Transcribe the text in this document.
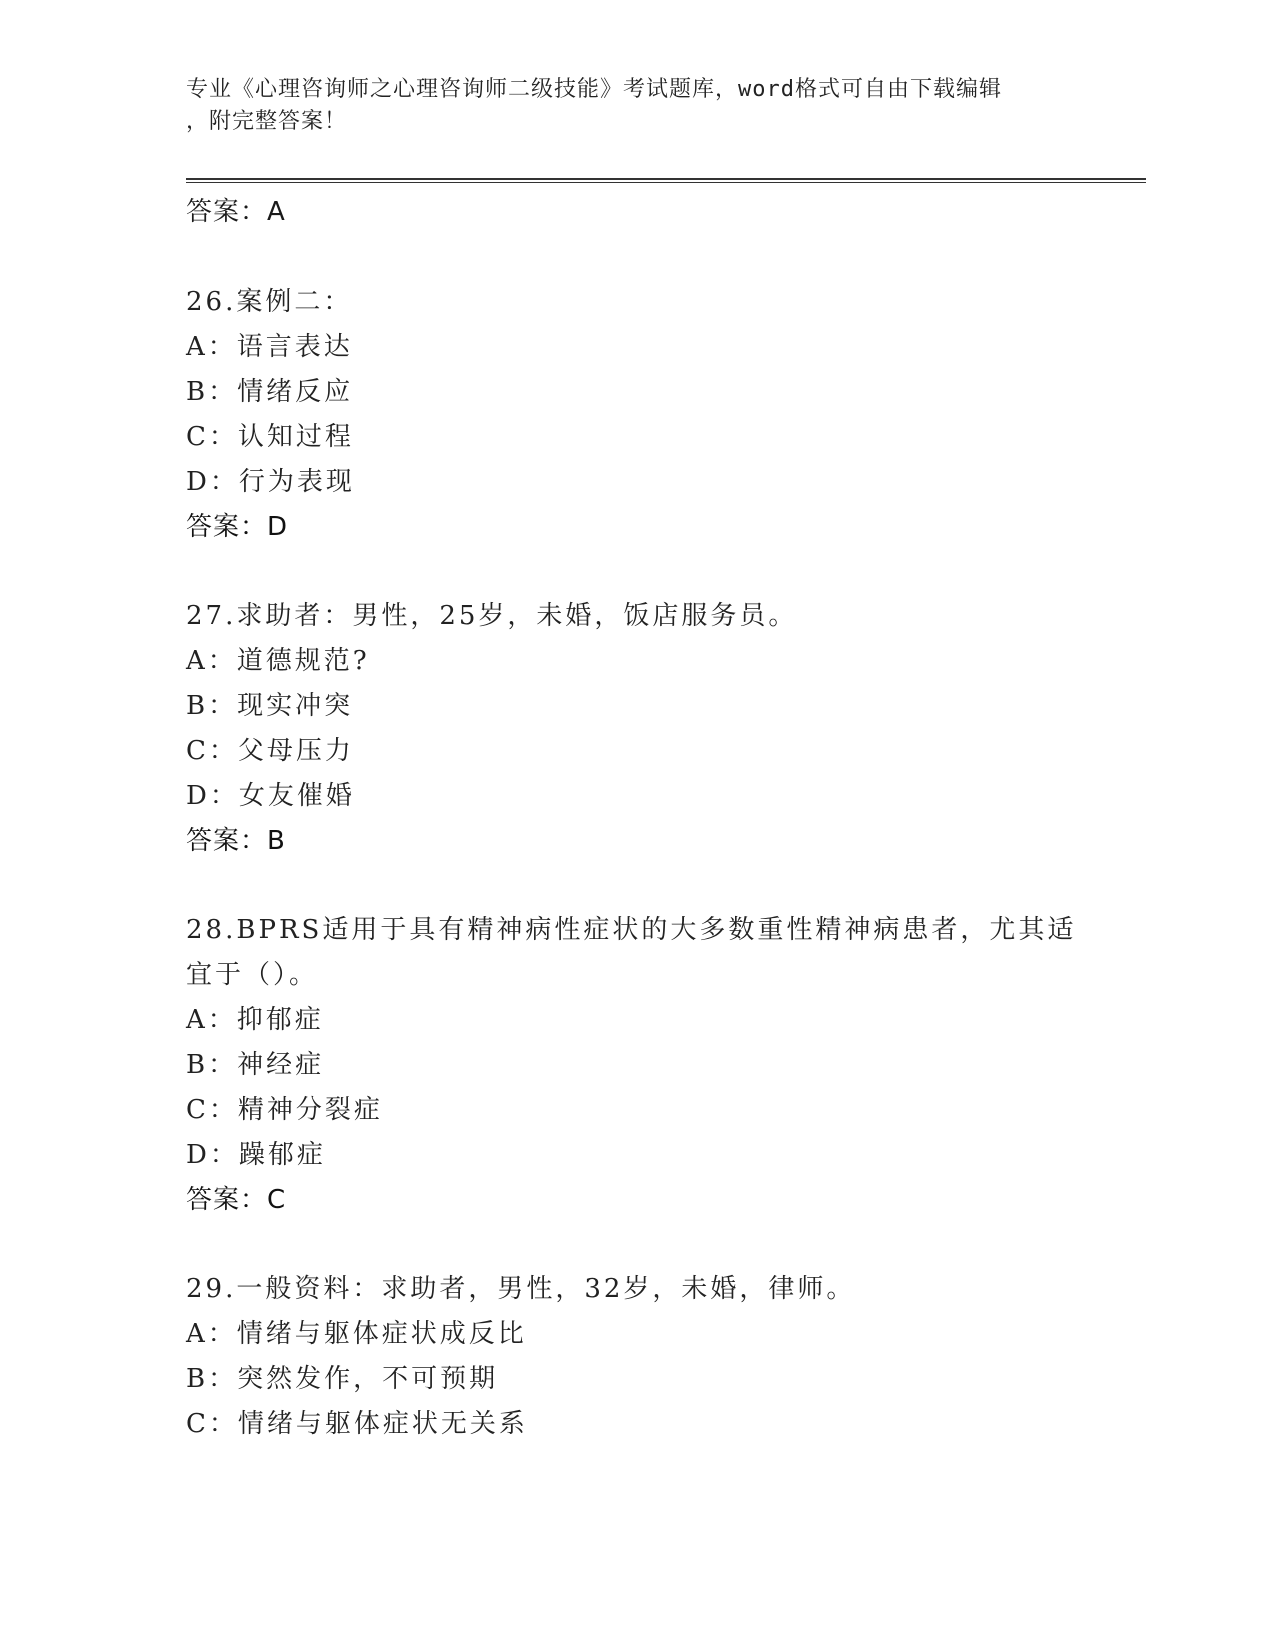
专业《心理咨询师之心理咨询师二级技能》考试题库，word格式可自由下载编辑
，附完整答案！
答案：A
26.案例二：
A：语言表达
B：情绪反应
C：认知过程
D：行为表现
答案：D
27.求助者：男性，25岁，未婚，饭店服务员。
A：道德规范?
B：现实冲突
C：父母压力
D：女友催婚
答案：B
28.BPRS适用于具有精神病性症状的大多数重性精神病患者，尤其适宜于（）。
A：抑郁症
B：神经症
C：精神分裂症
D：躁郁症
答案：C
29.一般资料：求助者，男性，32岁，未婚，律师。
A：情绪与躯体症状成反比
B：突然发作，不可预期
C：情绪与躯体症状无关系
